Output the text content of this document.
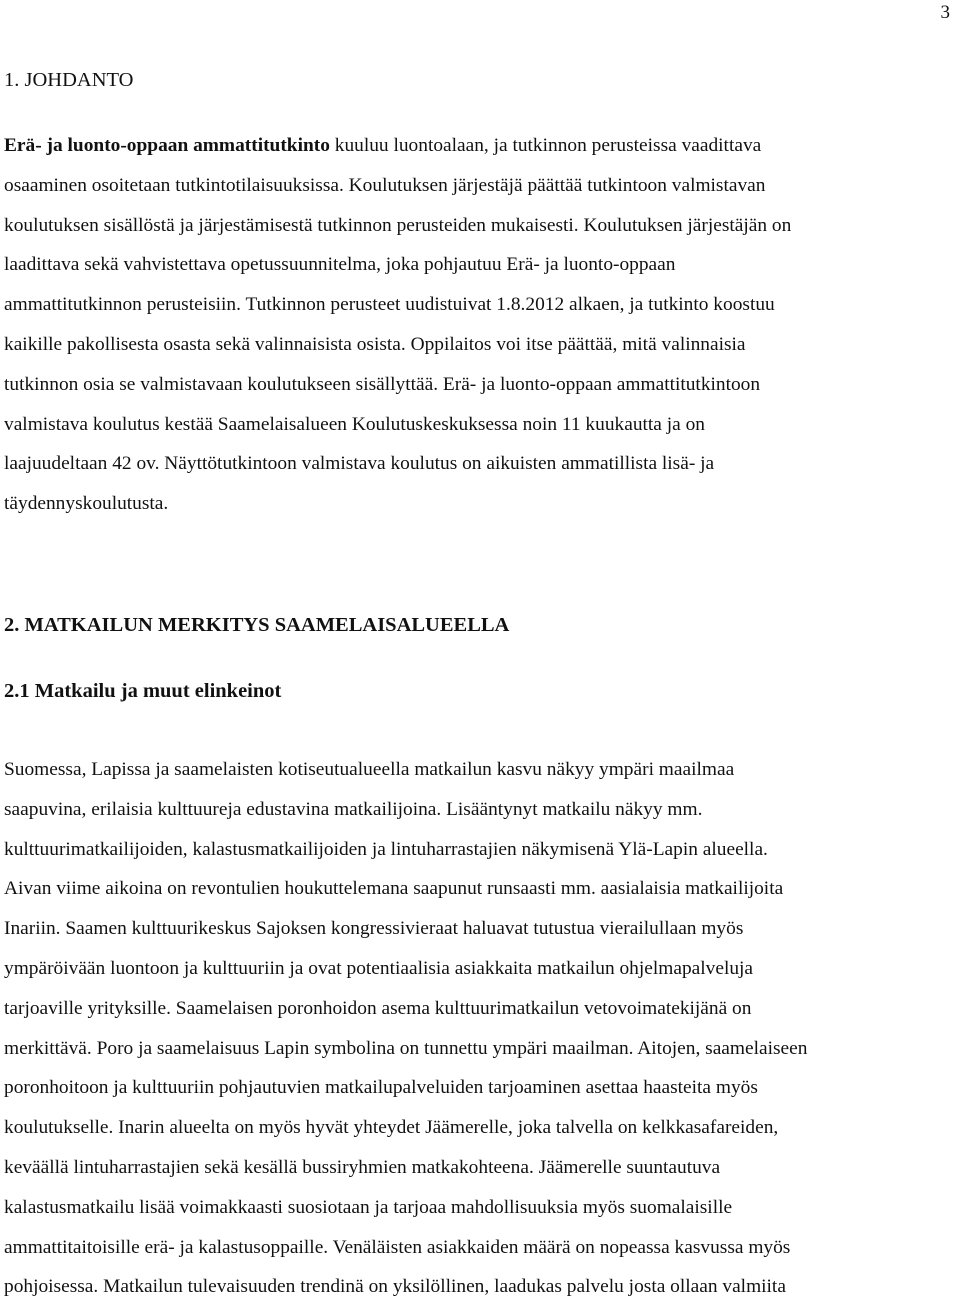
3
1. JOHDANTO
Erä- ja luonto-oppaan ammattitutkinto kuuluu luontoalaan, ja tutkinnon perusteissa vaadittava
osaaminen osoitetaan tutkintotilaisuuksissa. Koulutuksen järjestäjä päättää tutkintoon valmistavan
koulutuksen sisällöstä ja järjestämisestä tutkinnon perusteiden mukaisesti. Koulutuksen järjestäjän on
laadittava sekä vahvistettava opetussuunnitelma, joka pohjautuu Erä- ja luonto-oppaan
ammattitutkinnon perusteisiin. Tutkinnon perusteet uudistuivat 1.8.2012 alkaen, ja tutkinto koostuu
kaikille pakollisesta osasta sekä valinnaisista osista. Oppilaitos voi itse päättää, mitä valinnaisia
tutkinnon osia se valmistavaan koulutukseen sisällyttää. Erä- ja luonto-oppaan ammattitutkintoon
valmistava koulutus kestää Saamelaisalueen Koulutuskeskuksessa noin 11 kuukautta ja on
laajuudeltaan 42 ov. Näyttötutkintoon valmistava koulutus on aikuisten ammatillista lisä- ja
täydennyskoulutusta.
2. MATKAILUN MERKITYS SAAMELAISALUEELLA
2.1 Matkailu ja muut elinkeinot
Suomessa, Lapissa ja saamelaisten kotiseutualueella matkailun kasvu näkyy ympäri maailmaa
saapuvina, erilaisia kulttuureja edustavina matkailijoina. Lisääntynyt matkailu näkyy mm.
kulttuurimatkailijoiden, kalastusmatkailijoiden ja lintuharrastajien näkymisenä Ylä-Lapin alueella.
Aivan viime aikoina on revontulien houkuttelemana saapunut runsaasti mm. aasialaisia matkailijoita
Inariin. Saamen kulttuurikeskus Sajoksen kongressivieraat haluavat tutustua vierailullaan myös
ympäröivään luontoon ja kulttuuriin ja ovat potentiaalisia asiakkaita matkailun ohjelmapalveluja
tarjoaville yrityksille. Saamelaisen poronhoidon asema kulttuurimatkailun vetovoimatekijänä on
merkittävä. Poro ja saamelaisuus Lapin symbolina on tunnettu ympäri maailman. Aitojen, saamelaiseen
poronhoitoon ja kulttuuriin pohjautuvien matkailupalveluiden tarjoaminen asettaa haasteita myös
koulutukselle. Inarin alueelta on myös hyvät yhteydet Jäämerelle, joka talvella on kelkkasafareiden,
keväällä lintuharrastajien sekä kesällä bussiryhmien matkakohteena. Jäämerelle suuntautuva
kalastusmatkailu lisää voimakkaasti suosiotaan ja tarjoaa mahdollisuuksia myös suomalaisille
ammattitaitoisille erä- ja kalastusoppaille. Venäläisten asiakkaiden määrä on nopeassa kasvussa myös
pohjoisessa. Matkailun tulevaisuuden trendinä on yksilöllinen, laadukas palvelu josta ollaan valmiita
